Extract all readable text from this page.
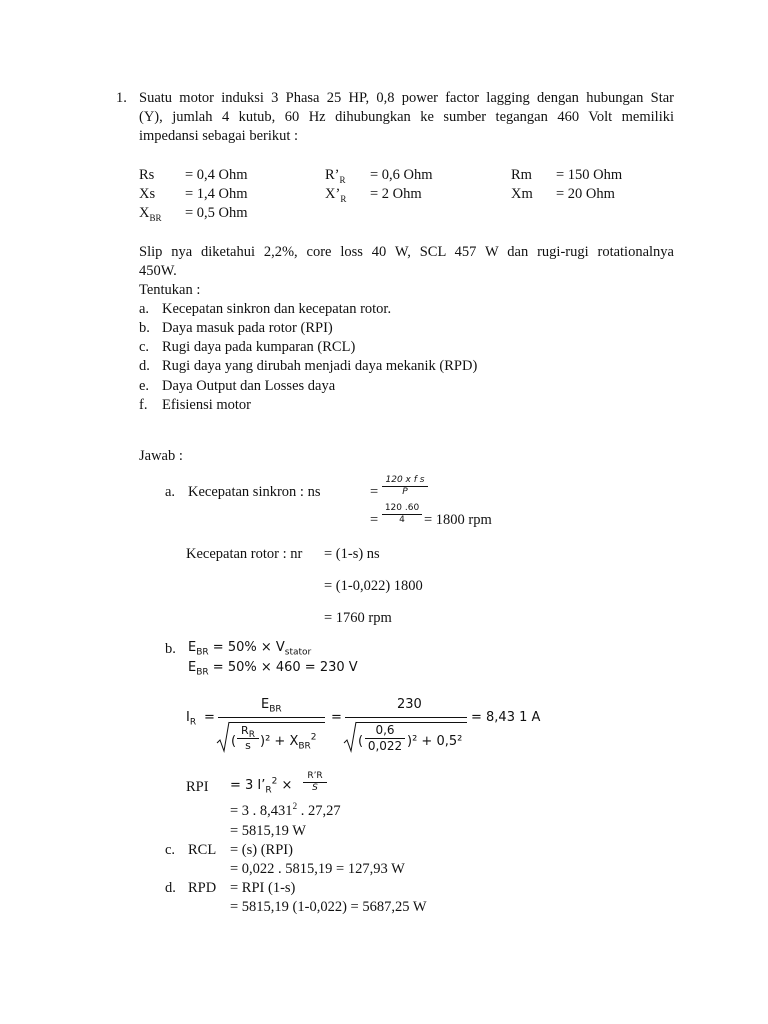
1. Suatu motor induksi 3 Phasa 25 HP, 0,8 power factor lagging dengan hubungan Star
(Y), jumlah 4 kutub, 60 Hz dihubungkan ke sumber tegangan 460 Volt memiliki
impedansi sebagai berikut :
Rs = 0,4 Ohm
Xs = 1,4 Ohm
$X_{BR} = 0,5$ Ohm
$R’_R = 0,6$ Ohm
$X’_R = 2$ Ohm
Rm = 150 Ohm
Xm = 20 Ohm
Slip nya diketahui 2,2%, core loss 40 W, SCL 457 W dan rugi-rugi rotationalnya
450W.
Tentukan :
a. Kecepatan sinkron dan kecepatan rotor.
b. Daya masuk pada rotor (RPI)
c. Rugi daya pada kumparan (RCL)
d. Rugi daya yang dirubah menjadi daya mekanik (RPD)
e. Daya Output dan Losses daya
f. Efisiensi motor
Jawab :
a. Kecepatan sinkron : ns	=
120 x f s
P
=
120 .60
4	= 1800 rpm
Kecepatan rotor : nr = (1-s) ns
= (1-0,022) 1800
= 1760 rpm
b. $E_{BR} = 50\% \times V_{stator}$
$E_{BR} = 50\% \times 460 = 230$ V
$I_R$ =
$E_{BR}$
(
$R_R$
s )$^2 + X_{BR}^2$
=
230
(
0,6
0,022 )² + 0,5²
= 8,43 1 A
RPI = 3 $I’_R^2$ ×
R’R
S
= 3 . 8,431$^2$ . 27,27
= 5815,19 W
c. RCL = (s) (RPI)
= 0,022 . 5815,19 = 127,93 W
d. RPD = RPI (1-s)
= 5815,19 (1-0,022) = 5687,25 W
